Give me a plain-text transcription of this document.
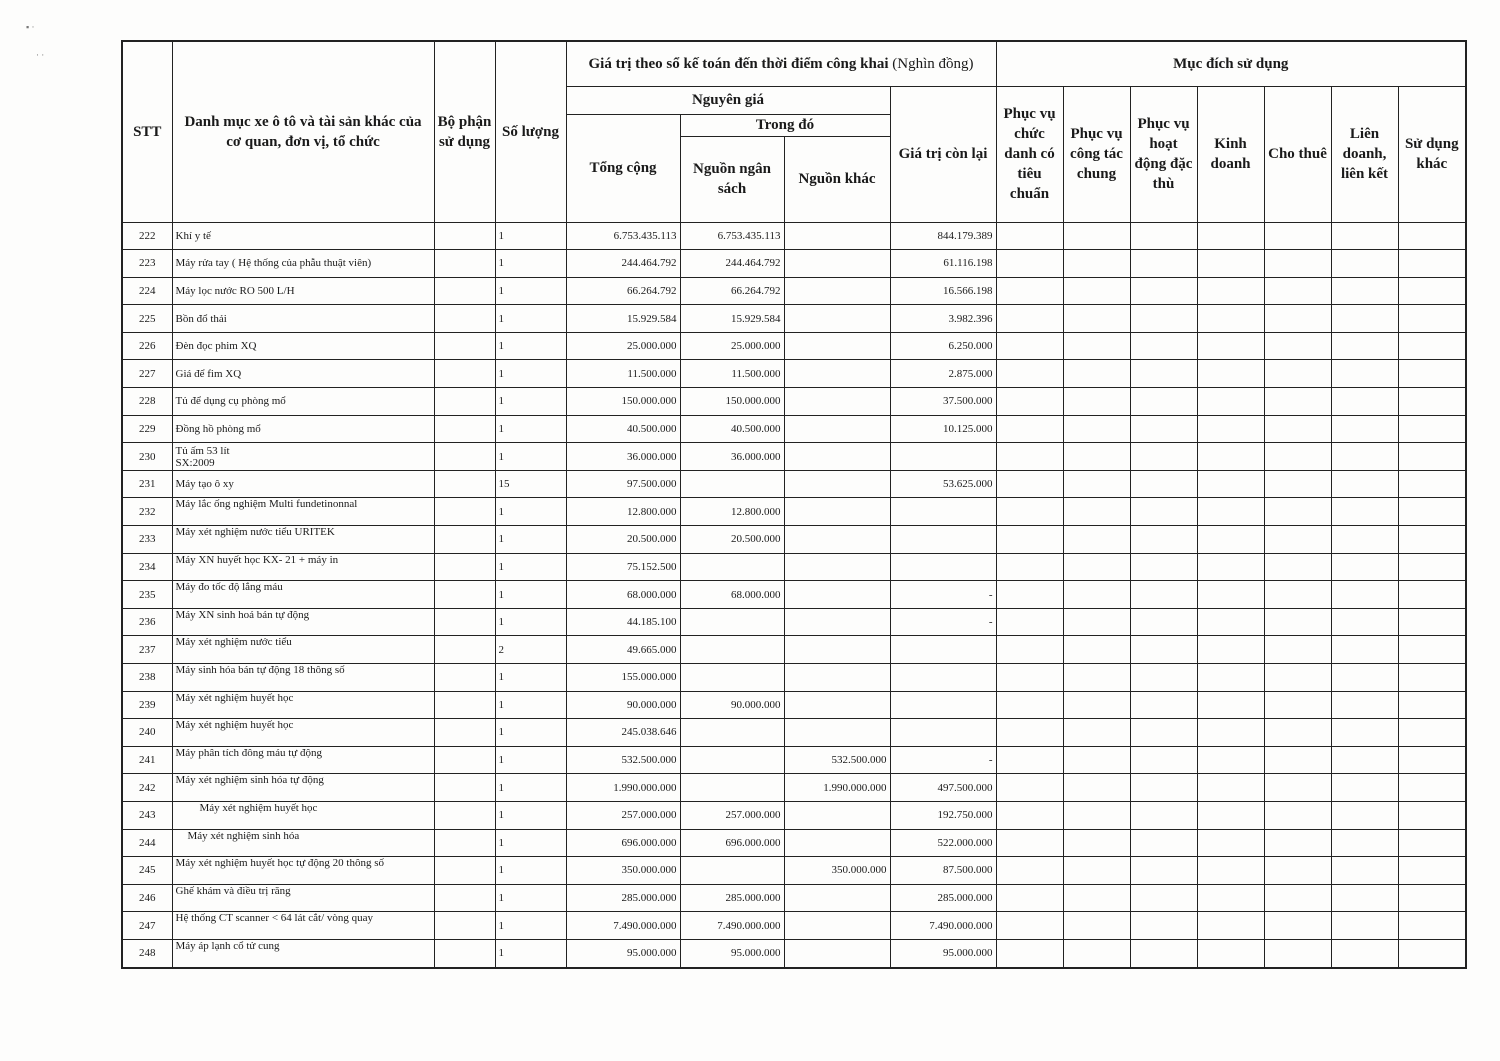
▪ ·
· ·
STT	Danh mục xe ô tô và tài sản khác của cơ quan, đơn vị, tổ chức	Bộ phận sử dụng	Số lượng	Giá trị theo sổ kế toán đến thời điểm công khai (Nghìn đồng)				Mục đích sử dụng						
				Nguyên giá			Giá trị còn lại	Phục vụ chức danh có tiêu chuẩn	Phục vụ công tác chung	Phục vụ hoạt động đặc thù	Kinh doanh	Cho thuê	Liên doanh, liên kết	Sử dụng khác
				Tổng cộng	Trong đó									
					Nguồn ngân sách	Nguồn khác								
222	Khí y tế		1	6.753.435.113	6.753.435.113		844.179.389							
223	Máy rửa tay ( Hệ thống của phẫu thuật viên)		1	244.464.792	244.464.792		61.116.198							
224	Máy lọc nước RO 500 L/H		1	66.264.792	66.264.792		16.566.198							
225	Bồn đổ thải		1	15.929.584	15.929.584		3.982.396							
226	Đèn đọc phim XQ		1	25.000.000	25.000.000		6.250.000							
227	Giá để fim XQ		1	11.500.000	11.500.000		2.875.000							
228	Tủ để dụng cụ phòng mổ		1	150.000.000	150.000.000		37.500.000							
229	Đồng hồ phòng mổ		1	40.500.000	40.500.000		10.125.000							
230	Tủ ấm 53 lít
SX:2009		1	36.000.000	36.000.000									
231	Máy tạo ô xy		15	97.500.000			53.625.000							
232	Máy lắc ống nghiệm Multi fundetinonnal		1	12.800.000	12.800.000									
233	Máy xét nghiệm nước tiểu URITEK		1	20.500.000	20.500.000									
234	Máy XN huyết học KX- 21 + máy in		1	75.152.500										
235	Máy đo tốc độ lắng máu		1	68.000.000	68.000.000		-							
236	Máy XN sinh hoá bán tự động		1	44.185.100			-							
237	Máy xét nghiệm nước tiểu		2	49.665.000										
238	Máy sinh hóa bán tự động 18 thông số		1	155.000.000										
239	Máy xét nghiệm huyết học		1	90.000.000	90.000.000									
240	Máy xét nghiệm huyết học		1	245.038.646										
241	Máy phân tích đông máu tự động		1	532.500.000		532.500.000	-							
242	Máy xét nghiệm sinh hóa tự động		1	1.990.000.000		1.990.000.000	497.500.000							
243	Máy xét nghiệm huyết học		1	257.000.000	257.000.000		192.750.000							
244	Máy xét nghiệm sinh hóa		1	696.000.000	696.000.000		522.000.000							
245	Máy xét nghiệm huyết học tự động 20 thông số		1	350.000.000		350.000.000	87.500.000							
246	Ghế khám và điều trị răng		1	285.000.000	285.000.000		285.000.000							
247	Hệ thống CT scanner < 64 lát cắt/ vòng quay		1	7.490.000.000	7.490.000.000		7.490.000.000							
248	Máy áp lạnh cổ tử cung		1	95.000.000	95.000.000		95.000.000							
